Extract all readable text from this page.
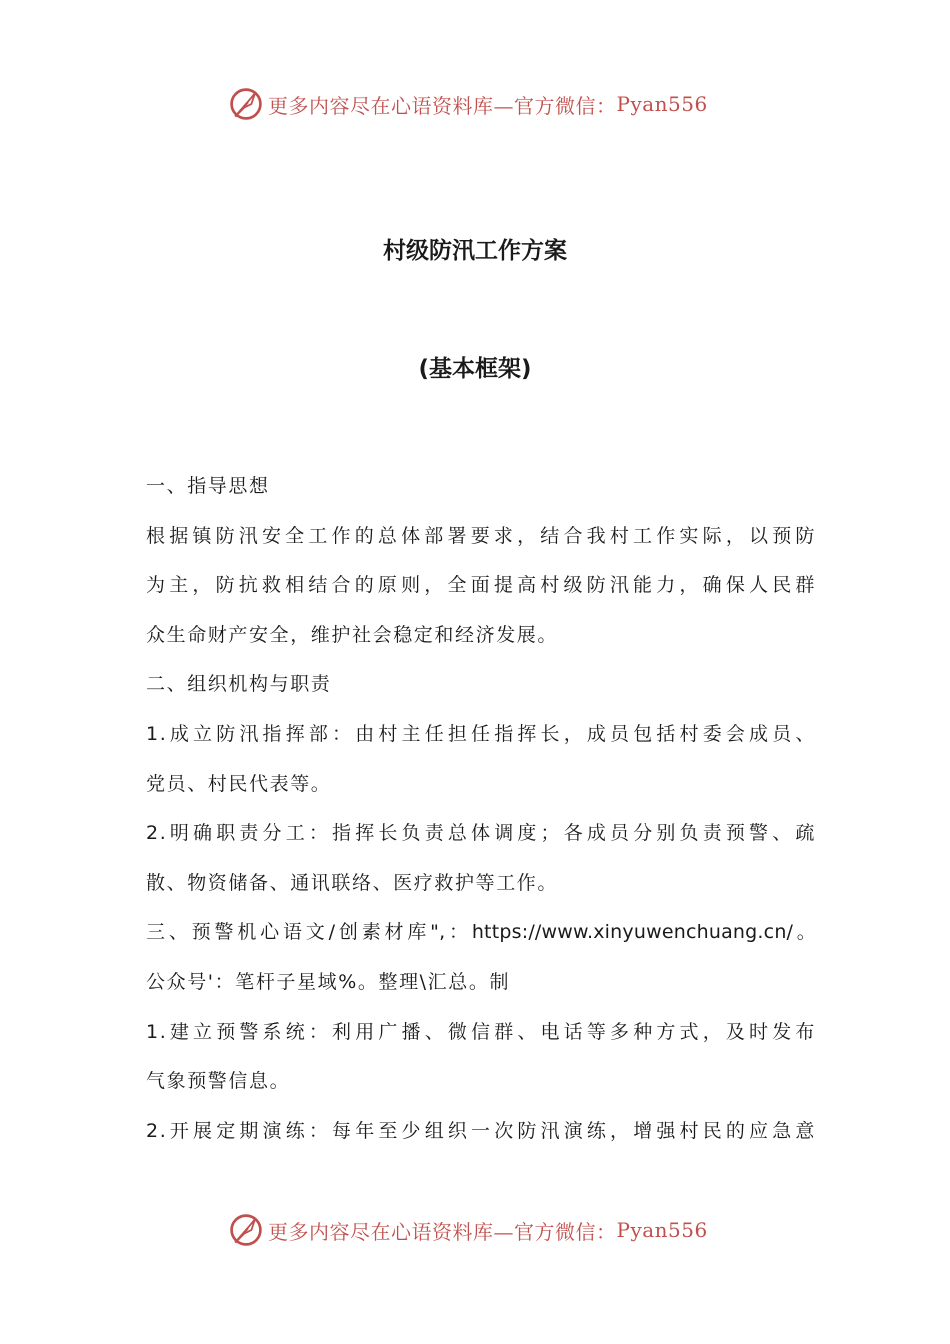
更多内容尽在心语资料库—官方微信： Pyan556
村级防汛工作方案
(基本框架)
一、指导思想
根据镇防汛安全工作的总体部署要求，结合我村工作实际，以预防
为主，防抗救相结合的原则，全面提高村级防汛能力，确保人民群
众生命财产安全，维护社会稳定和经济发展。
二、组织机构与职责
1.成立防汛指挥部：由村主任担任指挥长，成员包括村委会成员、
党员、村民代表等。
2.明确职责分工：指挥长负责总体调度；各成员分别负责预警、疏
散、物资储备、通讯联络、医疗救护等工作。
三、预警机心语文/创素材库",：https://www.xinyuwenchuang.cn/。
公众号'：笔杆子星域%。整理\汇总。制
1.建立预警系统：利用广播、微信群、电话等多种方式，及时发布
气象预警信息。
2.开展定期演练：每年至少组织一次防汛演练，增强村民的应急意
更多内容尽在心语资料库—官方微信： Pyan556
